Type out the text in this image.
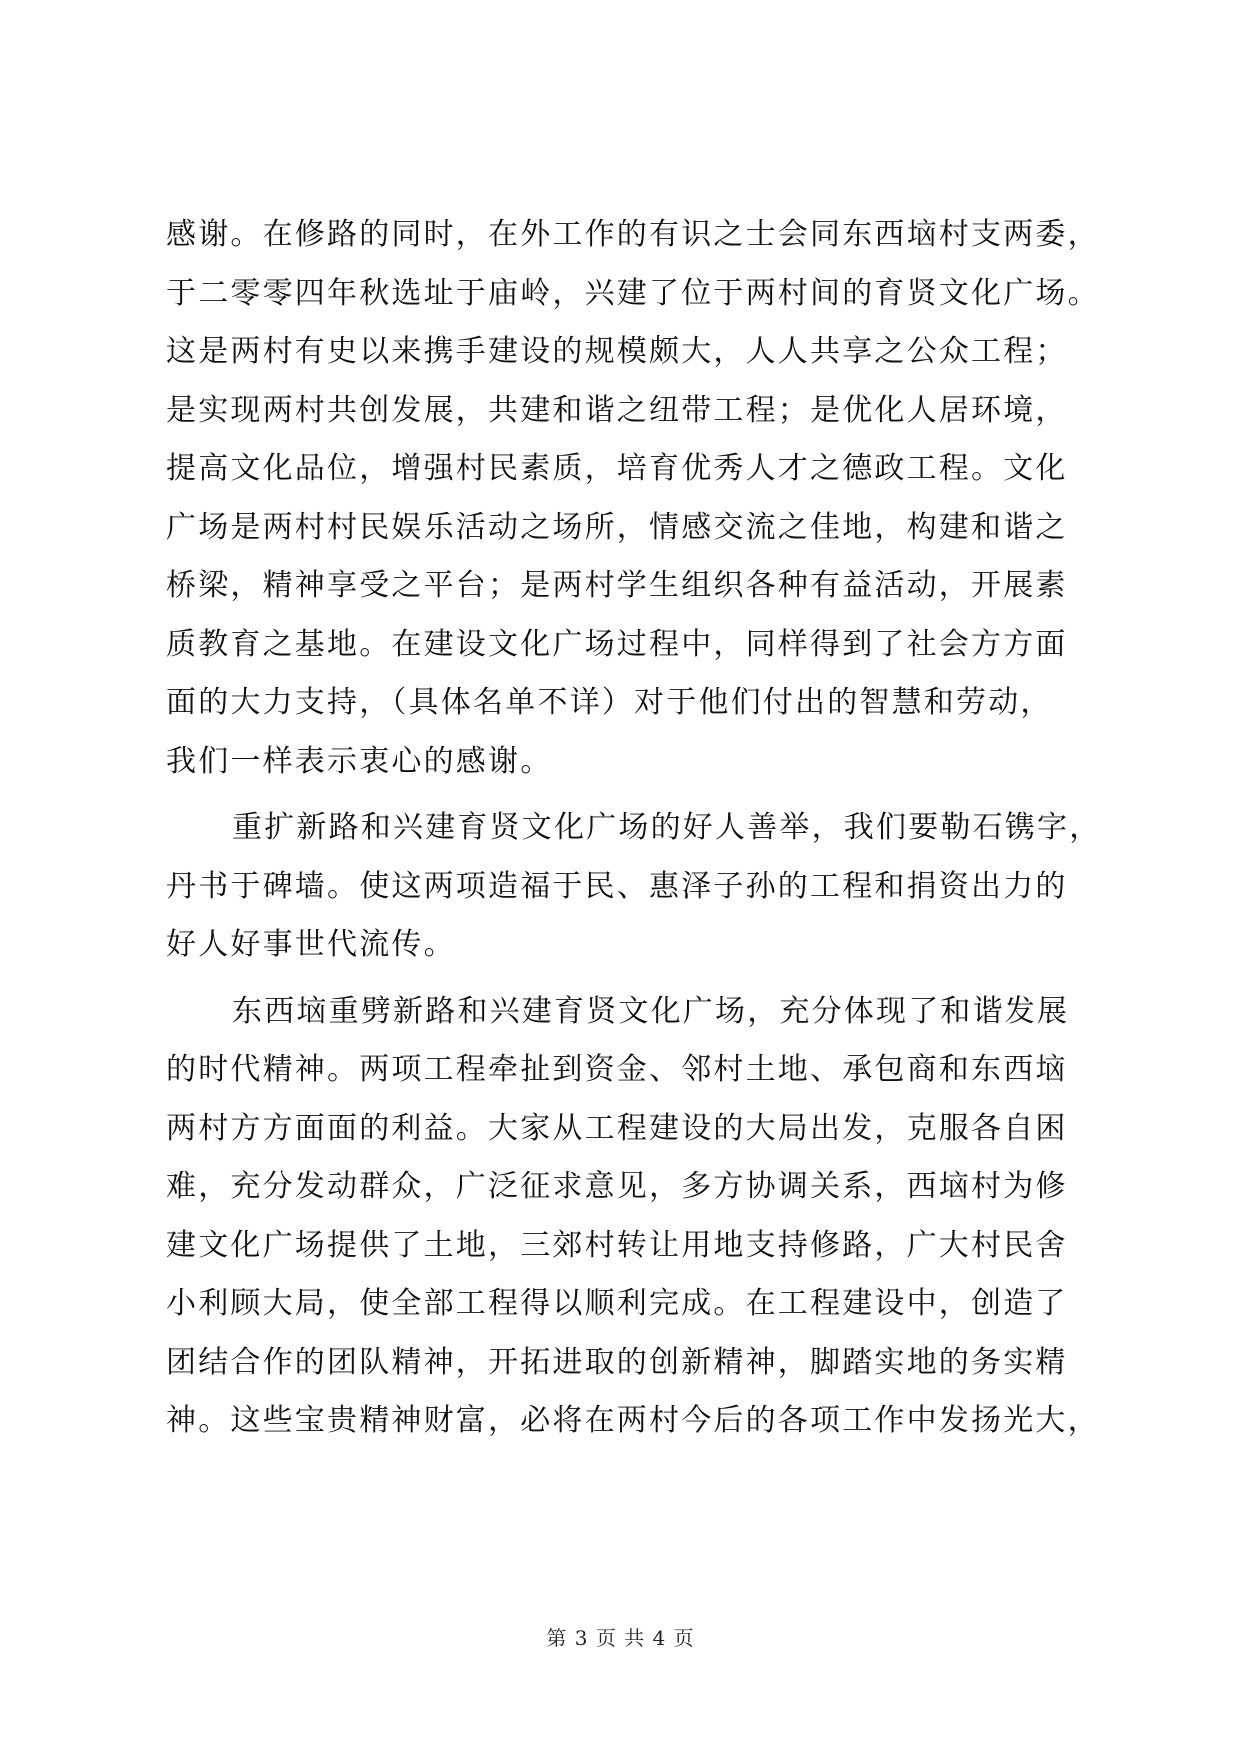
感谢。在修路的同时，在外工作的有识之士会同东西垴村支两委，
于二零零四年秋选址于庙岭，兴建了位于两村间的育贤文化广场。
这是两村有史以来携手建设的规模颇大，人人共享之公众工程；
是实现两村共创发展，共建和谐之纽带工程；是优化人居环境，
提高文化品位，增强村民素质，培育优秀人才之德政工程。文化
广场是两村村民娱乐活动之场所，情感交流之佳地，构建和谐之
桥梁，精神享受之平台；是两村学生组织各种有益活动，开展素
质教育之基地。在建设文化广场过程中，同样得到了社会方方面
面的大力支持，（具体名单不详）对于他们付出的智慧和劳动，
我们一样表示衷心的感谢。
重扩新路和兴建育贤文化广场的好人善举，我们要勒石镌字，
丹书于碑墙。使这两项造福于民、惠泽子孙的工程和捐资出力的
好人好事世代流传。
东西垴重劈新路和兴建育贤文化广场，充分体现了和谐发展
的时代精神。两项工程牵扯到资金、邻村土地、承包商和东西垴
两村方方面面的利益。大家从工程建设的大局出发，克服各自困
难，充分发动群众，广泛征求意见，多方协调关系，西垴村为修
建文化广场提供了土地，三郊村转让用地支持修路，广大村民舍
小利顾大局，使全部工程得以顺利完成。在工程建设中，创造了
团结合作的团队精神，开拓进取的创新精神，脚踏实地的务实精
神。这些宝贵精神财富，必将在两村今后的各项工作中发扬光大，
第 3 页 共 4 页
